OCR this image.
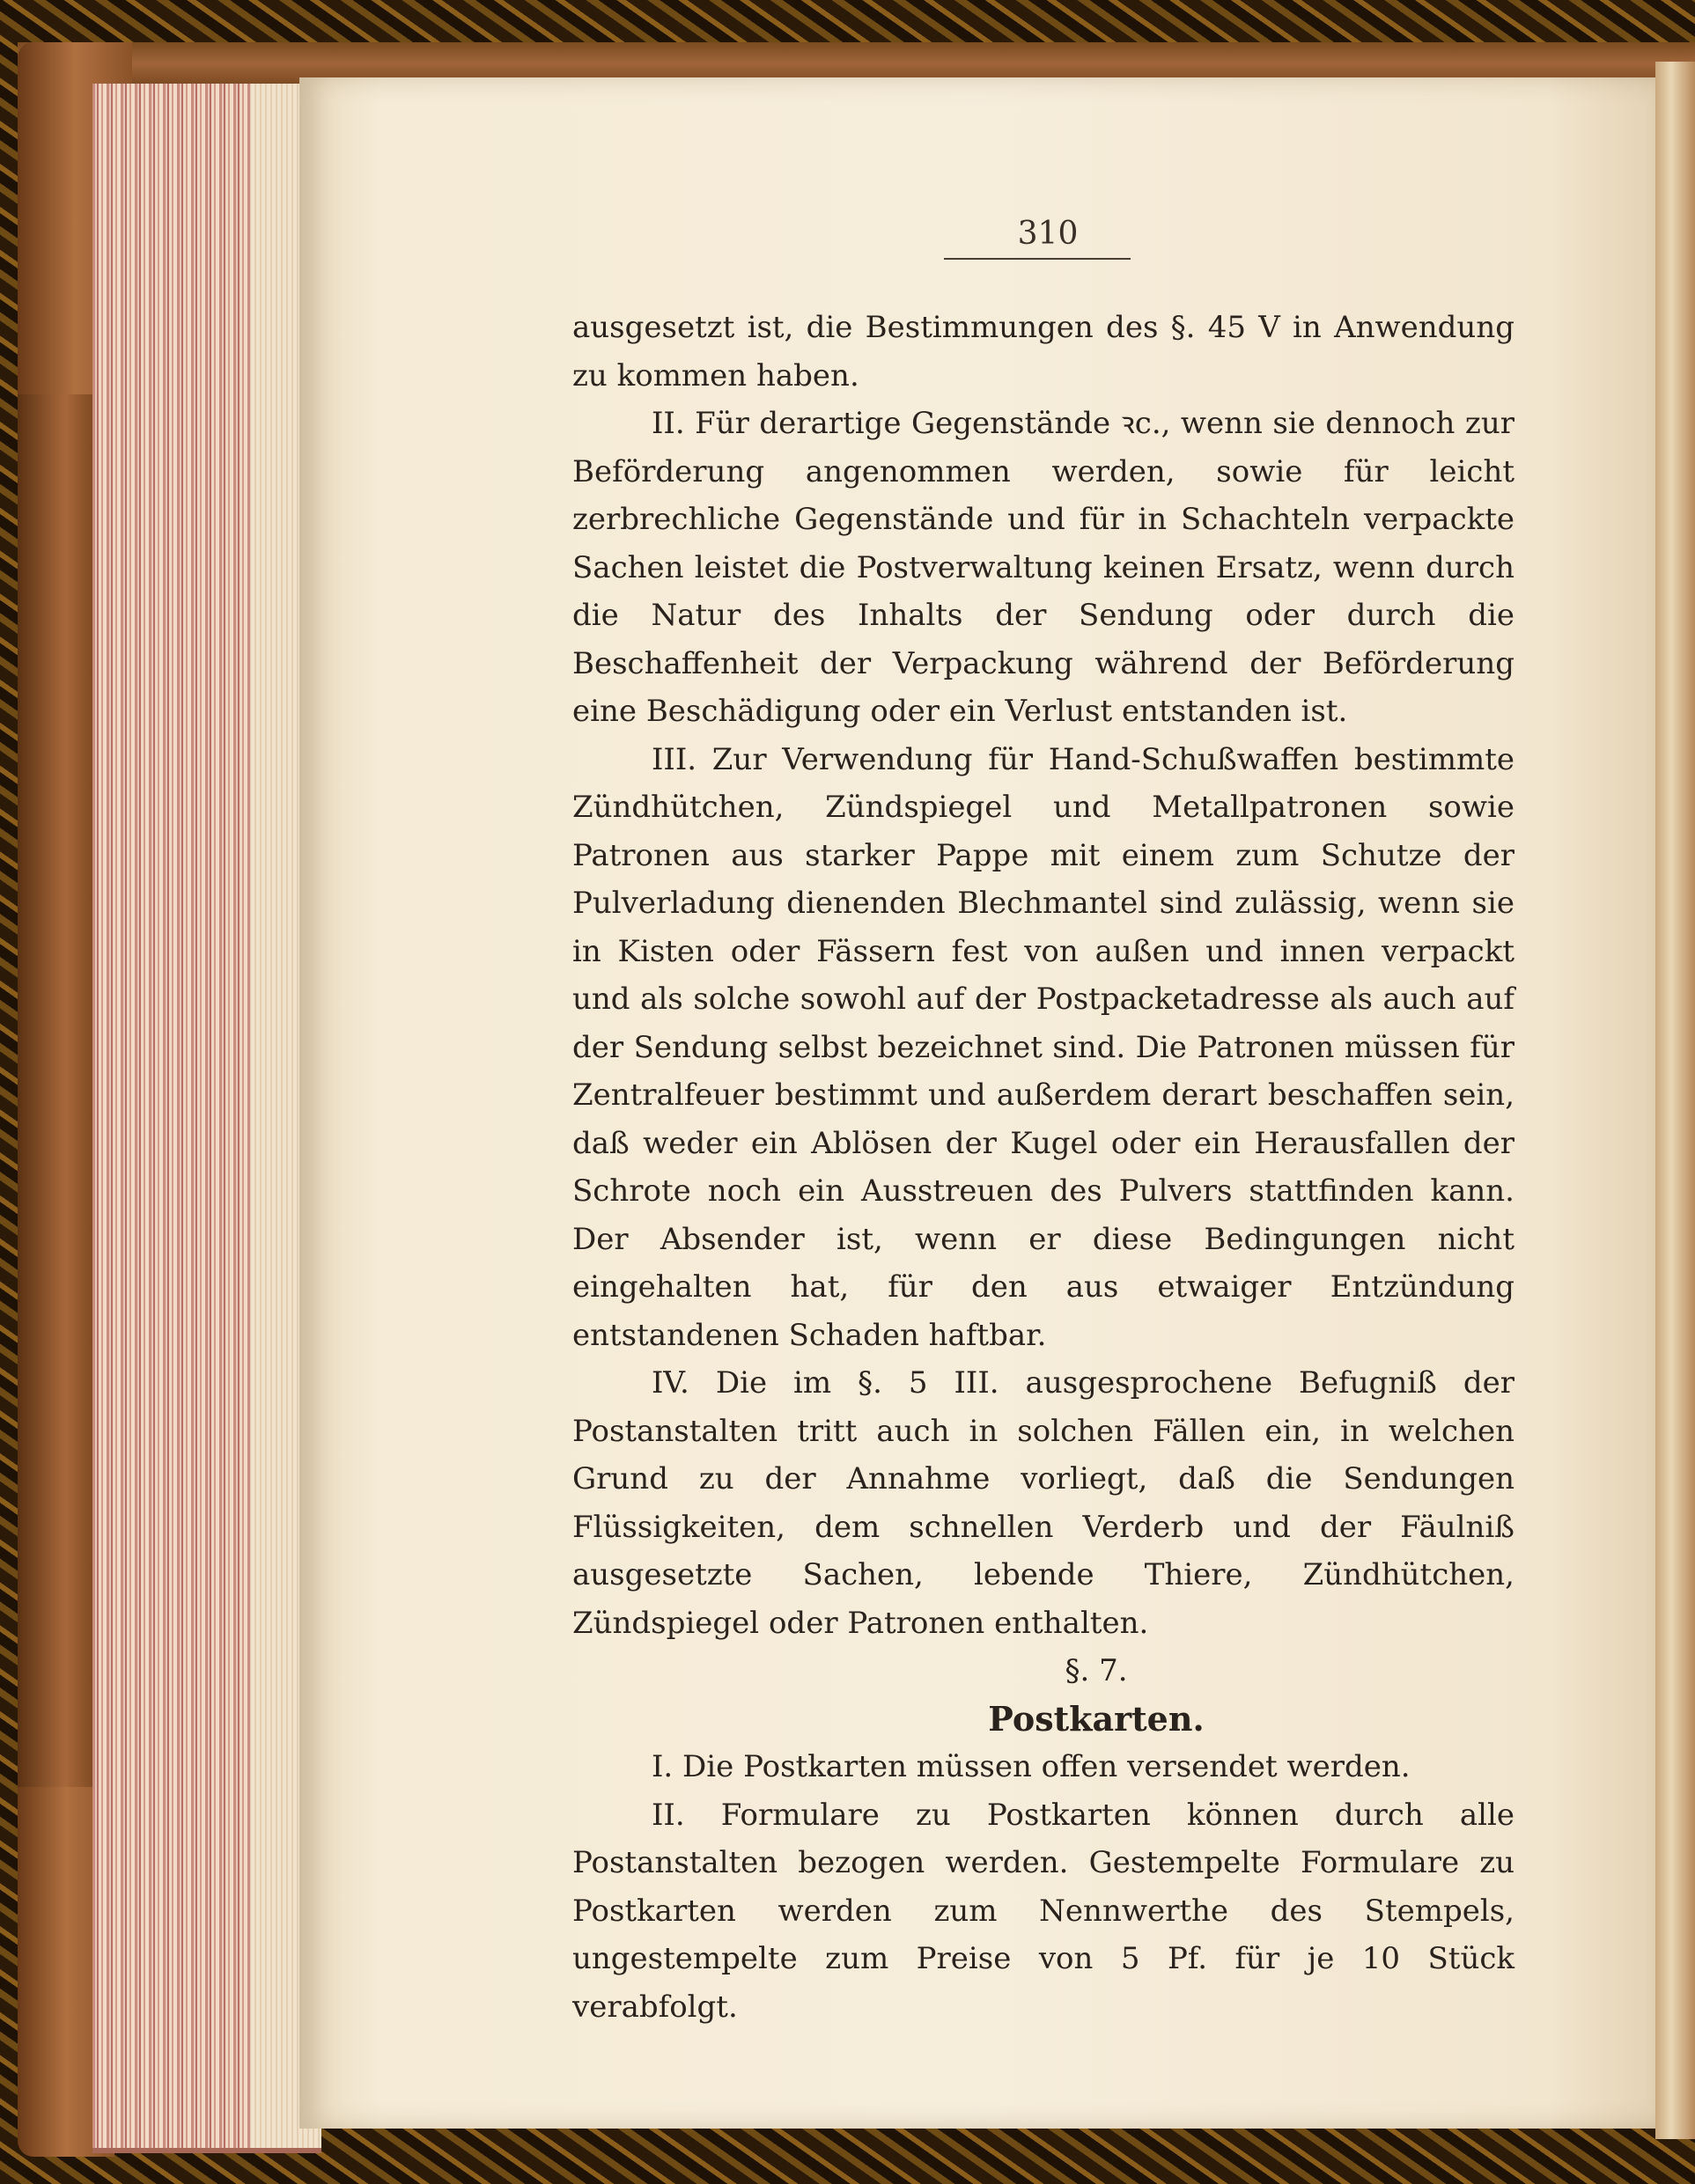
310

ausgesetzt ist, die Bestimmungen des §. 45 V in Anwendung zu kommen haben.

II. Für derartige Gegenstände ꝛc., wenn sie dennoch zur Beförderung angenommen werden, sowie für leicht zerbrechliche Gegenstände und für in Schachteln verpackte Sachen leistet die Postverwaltung keinen Ersatz, wenn durch die Natur des Inhalts der Sendung oder durch die Beschaffenheit der Verpackung während der Beförderung eine Beschädigung oder ein Verlust entstanden ist.

III. Zur Verwendung für Hand-Schußwaffen bestimmte Zündhütchen, Zündspiegel und Metallpatronen sowie Patronen aus starker Pappe mit einem zum Schutze der Pulverladung dienenden Blechmantel sind zulässig, wenn sie in Kisten oder Fässern fest von außen und innen verpackt und als solche sowohl auf der Postpacketadresse als auch auf der Sendung selbst bezeichnet sind. Die Patronen müssen für Zentralfeuer bestimmt und außerdem derart beschaffen sein, daß weder ein Ablösen der Kugel oder ein Herausfallen der Schrote noch ein Ausstreuen des Pulvers stattfinden kann. Der Absender ist, wenn er diese Bedingungen nicht eingehalten hat, für den aus etwaiger Entzündung entstandenen Schaden haftbar.

IV. Die im §. 5 III. ausgesprochene Befugniß der Postanstalten tritt auch in solchen Fällen ein, in welchen Grund zu der Annahme vorliegt, daß die Sendungen Flüssigkeiten, dem schnellen Verderb und der Fäulniß ausgesetzte Sachen, lebende Thiere, Zündhütchen, Zündspiegel oder Patronen enthalten.

§. 7.

Postkarten.

I. Die Postkarten müssen offen versendet werden.

II. Formulare zu Postkarten können durch alle Postanstalten bezogen werden. Gestempelte Formulare zu Postkarten werden zum Nennwerthe des Stempels, ungestempelte zum Preise von 5 Pf. für je 10 Stück verabfolgt.
